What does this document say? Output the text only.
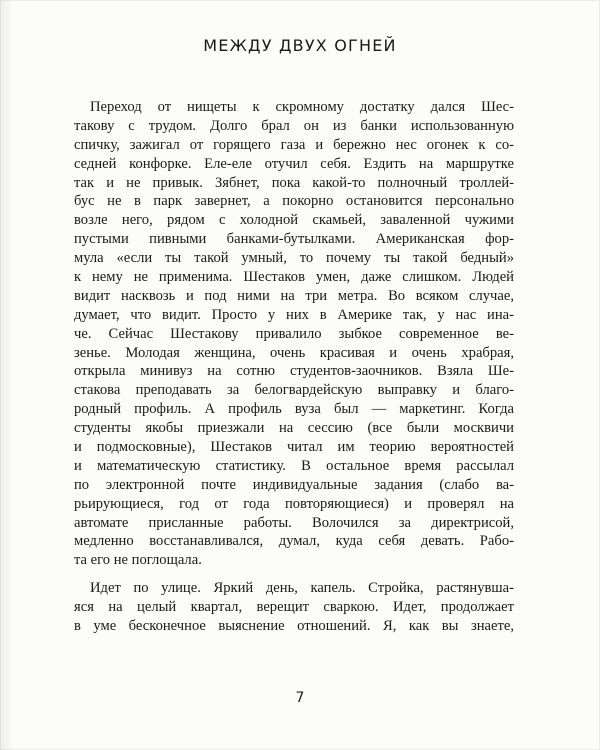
МЕЖДУ ДВУХ ОГНЕЙ
Переход от нищеты к скромному достатку дался Шес-
такову с трудом. Долго брал он из банки использованную
спичку, зажигал от горящего газа и бережно нес огонек к со-
седней конфорке. Еле-еле отучил себя. Ездить на маршрутке
так и не привык. Зябнет, пока какой-то полночный троллей-
бус не в парк завернет, а покорно остановится персонально
возле него, рядом с холодной скамьей, заваленной чужими
пустыми пивными банками-бутылками. Американская фор-
мула «если ты такой умный, то почему ты такой бедный»
к нему не применима. Шестаков умен, даже слишком. Людей
видит насквозь и под ними на три метра. Во всяком случае,
думает, что видит. Просто у них в Америке так, у нас ина-
че. Сейчас Шестакову привалило зыбкое современное ве-
зенье. Молодая женщина, очень красивая и очень храбрая,
открыла минивуз на сотню студентов-заочников. Взяла Ше-
стакова преподавать за белогвардейскую выправку и благо-
родный профиль. А профиль вуза был — маркетинг. Когда
студенты якобы приезжали на сессию (все были москвичи
и подмосковные), Шестаков читал им теорию вероятностей
и математическую статистику. В остальное время рассылал
по электронной почте индивидуальные задания (слабо ва-
рьирующиеся, год от года повторяющиеся) и проверял на
автомате присланные работы. Волочился за директрисой,
медленно восстанавливался, думал, куда себя девать. Рабо-
та его не поглощала.
Идет по улице. Яркий день, капель. Стройка, растянувша-
яся на целый квартал, верещит сваркою. Идет, продолжает
в уме бесконечное выяснение отношений. Я, как вы знаете,
7
